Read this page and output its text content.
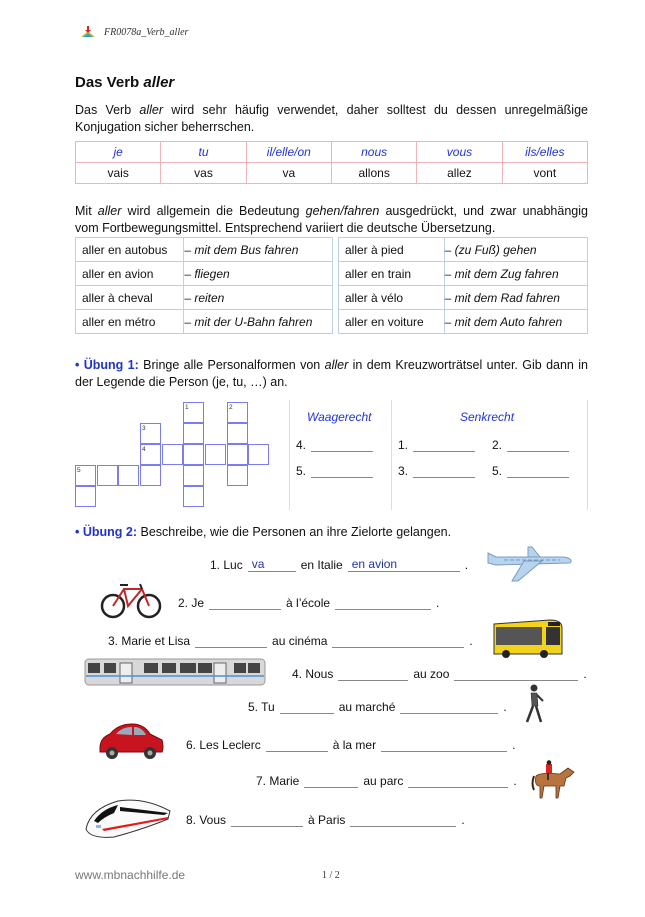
FR0078a_Verb_aller
Das Verb aller
Das Verb aller wird sehr häufig verwendet, daher solltest du dessen unregelmäßige Konjugation sicher beherrschen.
je	tu	il/elle/on	nous	vous	ils/elles
vais	vas	va	allons	allez	vont
Mit aller wird allgemein die Bedeutung gehen/fahren ausgedrückt, und zwar unabhängig vom Fortbewegungsmittel. Entsprechend variiert die deutsche Übersetzung.
aller en autobus	– mit dem Bus fahren
aller en avion	– fliegen
aller à cheval	– reiten
aller en métro	– mit der U-Bahn fahren
aller à pied	– (zu Fuß) gehen
aller en train	– mit dem Zug fahren
aller à vélo	– mit dem Rad fahren
aller en voiture	– mit dem Auto fahren
• Übung 1: Bringe alle Personalformen von aller in dem Kreuzworträtsel unter. Gib dann in der Legende die Person (je, tu, …) an.
1	2
3
4
5
Waagerecht
4.
5.
Senkrecht
1.	2.
3.	5.
• Übung 2: Beschreibe, wie die Personen an ihre Zielorte gelangen.
1. Luc va	en Italie en avion	.
2. Je	à l’école	.
3. Marie et Lisa	au cinéma	.
4. Nous	au zoo	.
5. Tu	au marché	.
6. Les Leclerc	à la mer	.
7. Marie	au parc	.
8. Vous	à Paris	.
www.mbnachhilfe.de	1 / 2
